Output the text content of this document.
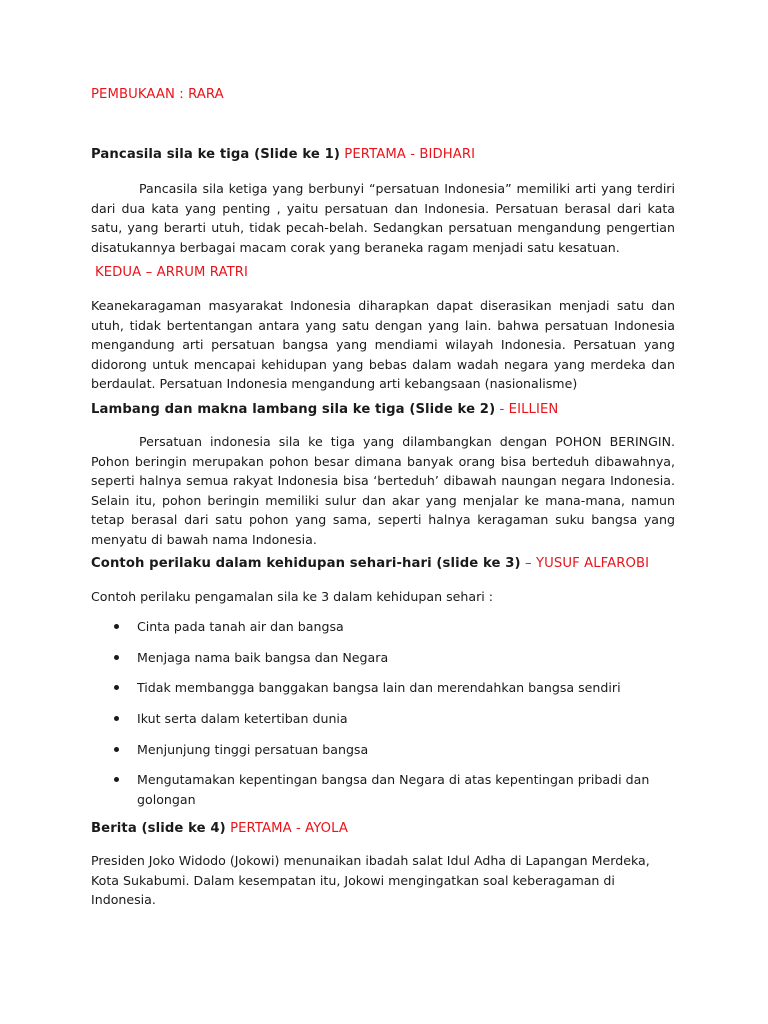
PEMBUKAAN : RARA

Pancasila sila ke tiga (Slide ke 1) PERTAMA - BIDHARI

Pancasila sila ketiga yang berbunyi “persatuan Indonesia” memiliki arti yang terdiri dari dua kata yang penting , yaitu persatuan dan Indonesia. Persatuan berasal dari kata satu, yang berarti utuh, tidak pecah-belah. Sedangkan persatuan mengandung pengertian disatukannya berbagai macam corak yang beraneka ragam menjadi satu kesatuan.

KEDUA – ARRUM RATRI

Keanekaragaman masyarakat Indonesia diharapkan dapat diserasikan menjadi satu dan utuh, tidak bertentangan antara yang satu dengan yang lain. bahwa persatuan Indonesia mengandung arti persatuan bangsa yang mendiami wilayah Indonesia. Persatuan yang didorong untuk mencapai kehidupan yang bebas dalam wadah negara yang merdeka dan berdaulat. Persatuan Indonesia mengandung arti kebangsaan (nasionalisme)

Lambang dan makna lambang sila ke tiga (Slide ke 2) - EILLIEN

Persatuan indonesia sila ke tiga yang dilambangkan dengan POHON BERINGIN. Pohon beringin merupakan pohon besar dimana banyak orang bisa berteduh dibawahnya, seperti halnya semua rakyat Indonesia bisa ‘berteduh’ dibawah naungan negara Indonesia. Selain itu, pohon beringin memiliki sulur dan akar yang menjalar ke mana-mana, namun tetap berasal dari satu pohon yang sama, seperti halnya keragaman suku bangsa yang menyatu di bawah nama Indonesia.

Contoh perilaku dalam kehidupan sehari-hari (slide ke 3) – YUSUF ALFAROBI

Contoh perilaku pengamalan sila ke 3 dalam kehidupan sehari :

Cinta pada tanah air dan bangsa
Menjaga nama baik bangsa dan Negara
Tidak membangga banggakan bangsa lain dan merendahkan bangsa sendiri
Ikut serta dalam ketertiban dunia
Menjunjung tinggi persatuan bangsa
Mengutamakan kepentingan bangsa dan Negara di atas kepentingan pribadi dan golongan

Berita (slide ke 4) PERTAMA - AYOLA

Presiden Joko Widodo (Jokowi) menunaikan ibadah salat Idul Adha di Lapangan Merdeka, Kota Sukabumi. Dalam kesempatan itu, Jokowi mengingatkan soal keberagaman di Indonesia.
